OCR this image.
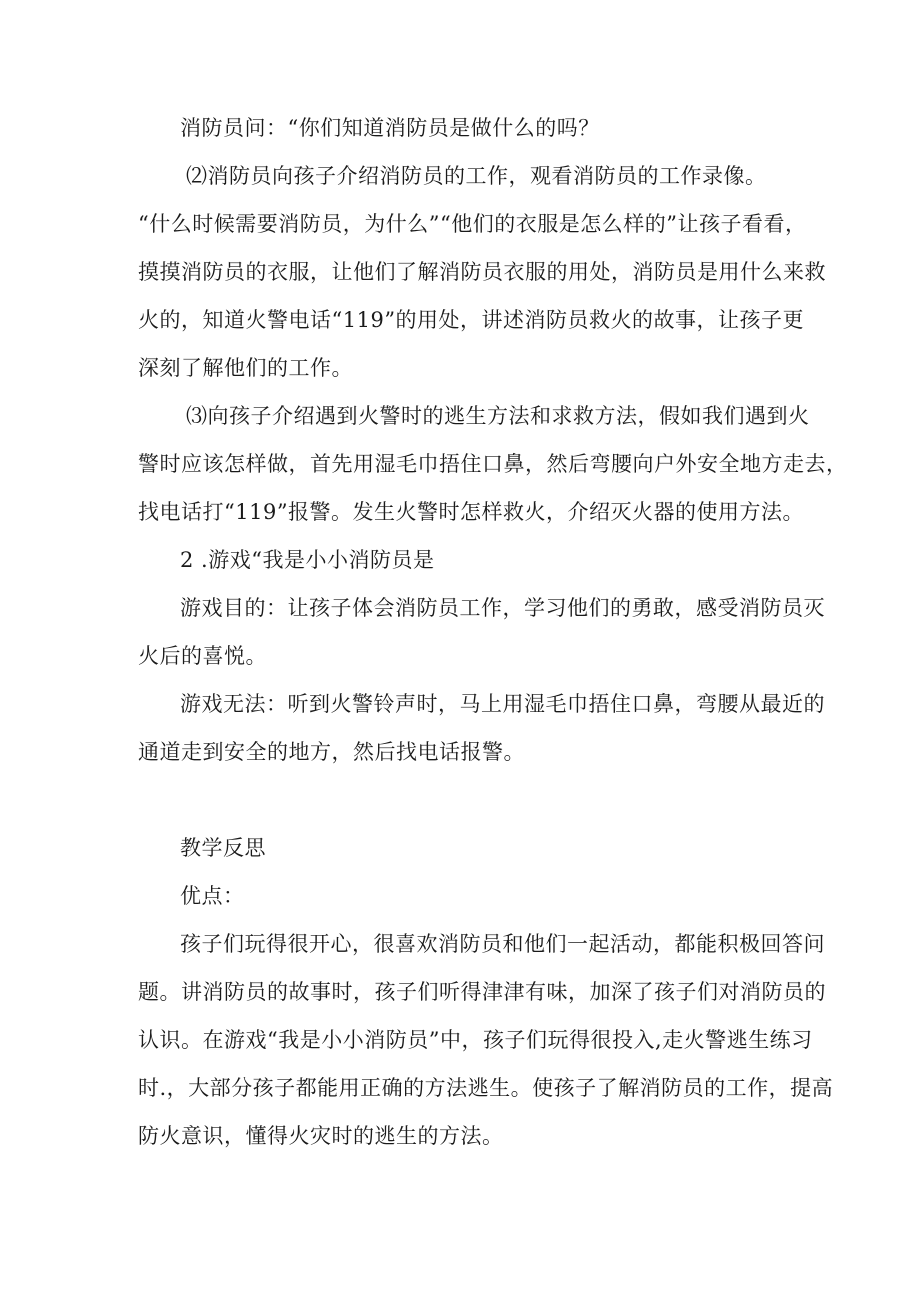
消防员问：“你们知道消防员是做什么的吗？
⑵消防员向孩子介绍消防员的工作，观看消防员的工作录像。
“什么时候需要消防员，为什么”“他们的衣服是怎么样的”让孩子看看，
摸摸消防员的衣服，让他们了解消防员衣服的用处，消防员是用什么来救
火的，知道火警电话“119”的用处，讲述消防员救火的故事，让孩子更
深刻了解他们的工作。
⑶向孩子介绍遇到火警时的逃生方法和求救方法，假如我们遇到火
警时应该怎样做，首先用湿毛巾捂住口鼻，然后弯腰向户外安全地方走去，
找电话打“119”报警。发生火警时怎样救火，介绍灭火器的使用方法。
2 .游戏“我是小小消防员是
游戏目的：让孩子体会消防员工作，学习他们的勇敢，感受消防员灭
火后的喜悦。
游戏无法：听到火警铃声时，马上用湿毛巾捂住口鼻，弯腰从最近的
通道走到安全的地方，然后找电话报警。
教学反思
优点：
孩子们玩得很开心，很喜欢消防员和他们一起活动，都能积极回答问
题。讲消防员的故事时，孩子们听得津津有味，加深了孩子们对消防员的
认识。在游戏“我是小小消防员”中，孩子们玩得很投入,走火警逃生练习
时.，大部分孩子都能用正确的方法逃生。使孩子了解消防员的工作，提高
防火意识，懂得火灾时的逃生的方法。
